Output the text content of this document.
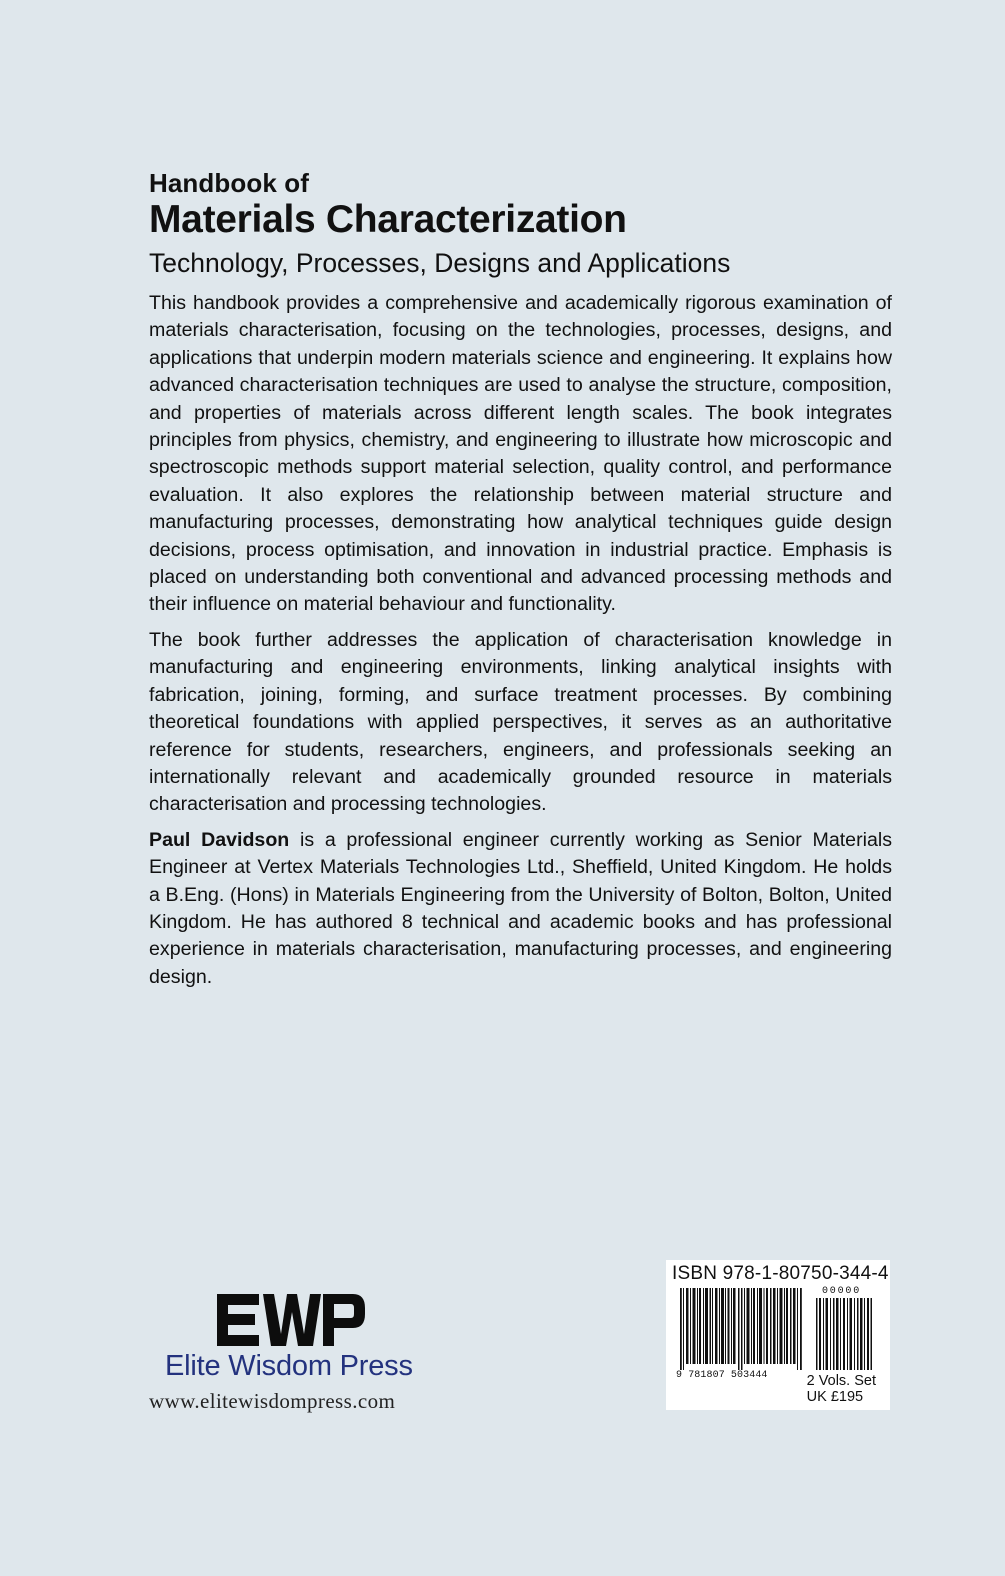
Handbook of
Materials Characterization
Technology, Processes, Designs and Applications

This handbook provides a comprehensive and academically rigorous examination of materials characterisation, focusing on the technologies, processes, designs, and applications that underpin modern materials science and engineering. It explains how advanced characterisation techniques are used to analyse the structure, composition, and properties of materials across different length scales. The book integrates principles from physics, chemistry, and engineering to illustrate how microscopic and spectroscopic methods support material selection, quality control, and performance evaluation. It also explores the relationship between material structure and manufacturing processes, demonstrating how analytical techniques guide design decisions, process optimisation, and innovation in industrial practice. Emphasis is placed on understanding both conventional and advanced processing methods and their influence on material behaviour and functionality.

The book further addresses the application of characterisation knowledge in manufacturing and engineering environments, linking analytical insights with fabrication, joining, forming, and surface treatment processes. By combining theoretical foundations with applied perspectives, it serves as an authoritative reference for students, researchers, engineers, and professionals seeking an internationally relevant and academically grounded resource in materials characterisation and processing technologies.

Paul Davidson is a professional engineer currently working as Senior Materials Engineer at Vertex Materials Technologies Ltd., Sheffield, United Kingdom. He holds a B.Eng. (Hons) in Materials Engineering from the University of Bolton, Bolton, United Kingdom. He has authored 8 technical and academic books and has professional experience in materials characterisation, manufacturing processes, and engineering design.

Elite Wisdom Press
www.elitewisdompress.com
ISBN 978-1-80750-344-4
9 781807 503444
00000
2 Vols. Set
UK £195
